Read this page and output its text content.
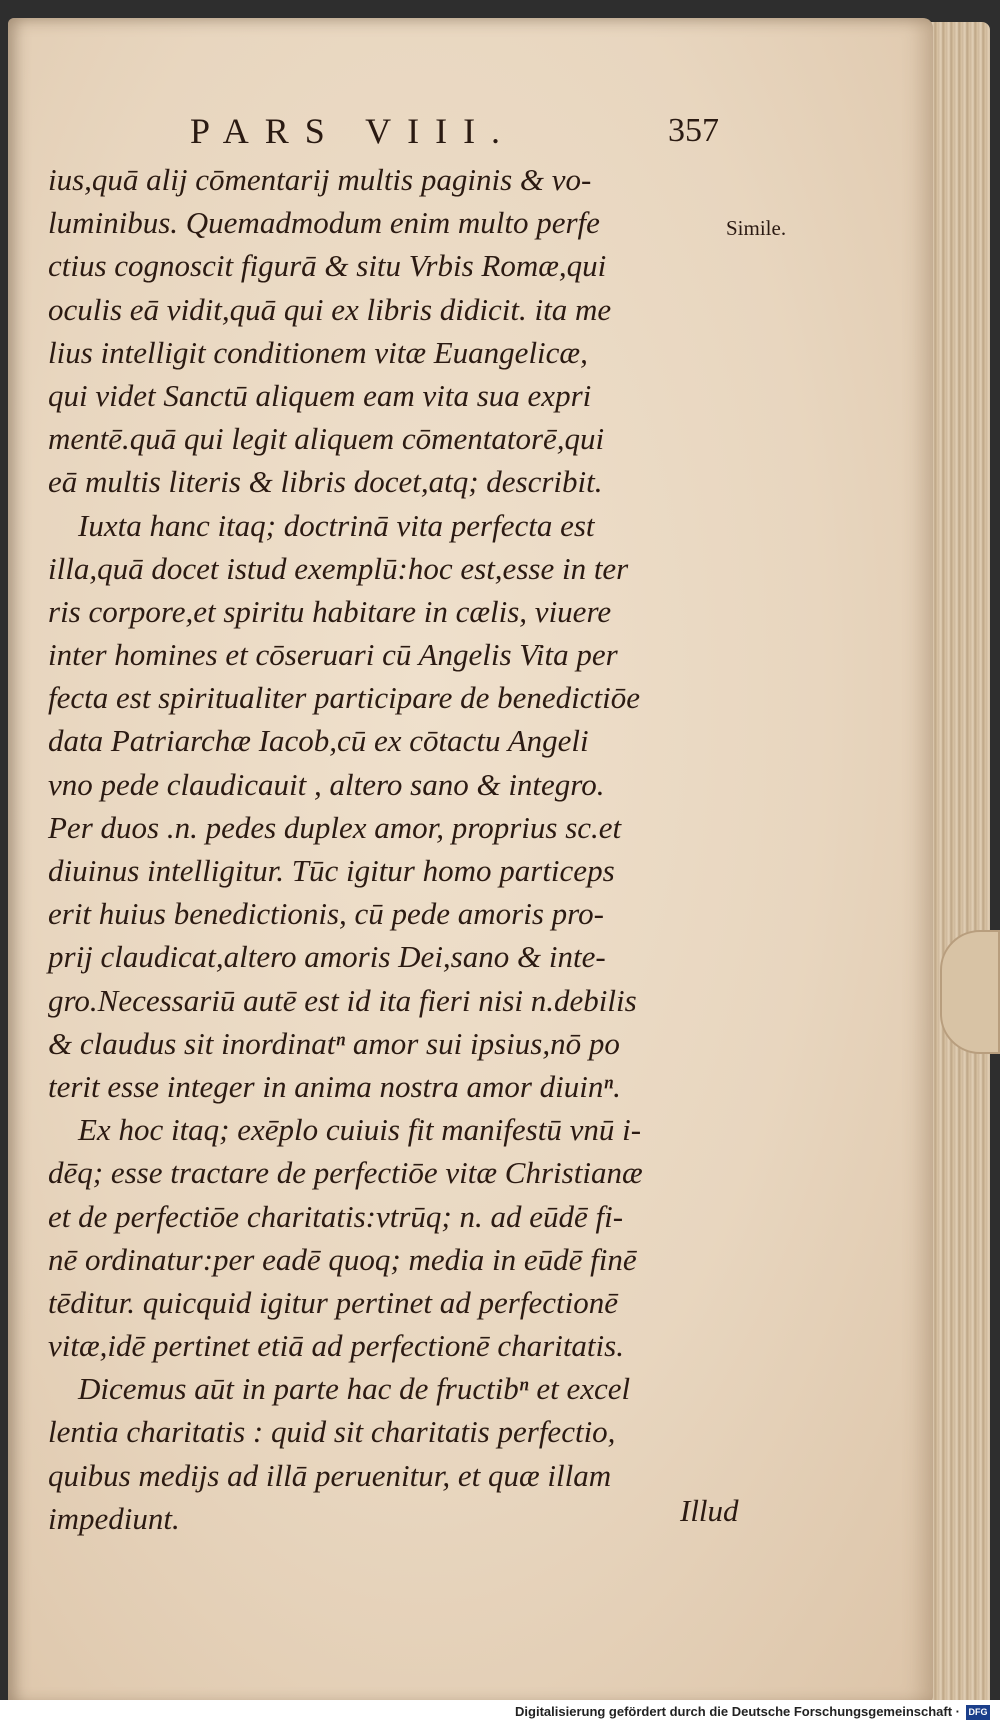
PARS VIII.	357
Simile.
ius,quā alij cōmentarij multis paginis & vo-
luminibus. Quemadmodum enim multo perfe
ctius cognoscit figurā & situ Vrbis Romæ,qui
oculis eā vidit,quā qui ex libris didicit. ita me
lius intelligit conditionem vitæ Euangelicæ,
qui videt Sanctū aliquem eam vita sua expri
mentē.quā qui legit aliquem cōmentatorē,qui
eā multis literis & libris docet,atq; describit.
Iuxta hanc itaq; doctrinā vita perfecta est
illa,quā docet istud exemplū:hoc est,esse in ter
ris corpore,et spiritu habitare in cælis, viuere
inter homines et cōseruari cū Angelis Vita per
fecta est spiritualiter participare de benedictiōe
data Patriarchæ Iacob,cū ex cōtactu Angeli
vno pede claudicauit , altero sano & integro.
Per duos .n. pedes duplex amor, proprius sc.et
diuinus intelligitur. Tūc igitur homo particeps
erit huius benedictionis, cū pede amoris pro-
prij claudicat,altero amoris Dei,sano & inte-
gro.Necessariū autē est id ita fieri nisi n.debilis
& claudus sit inordinatⁿ amor sui ipsius,nō po
terit esse integer in anima nostra amor diuinⁿ.
Ex hoc itaq; exēplo cuiuis fit manifestū vnū i-
dēq; esse tractare de perfectiōe vitæ Christianæ
et de perfectiōe charitatis:vtrūq; n. ad eūdē fi-
nē ordinatur:per eadē quoq; media in eūdē finē
tēditur. quicquid igitur pertinet ad perfectionē
vitæ,idē pertinet etiā ad perfectionē charitatis.
Dicemus aūt in parte hac de fructibⁿ et excel
lentia charitatis : quid sit charitatis perfectio,
quibus medijs ad illā peruenitur, et quæ illam
impediunt.	Illud
Digitalisierung gefördert durch die Deutsche Forschungsgemeinschaft · DFG
